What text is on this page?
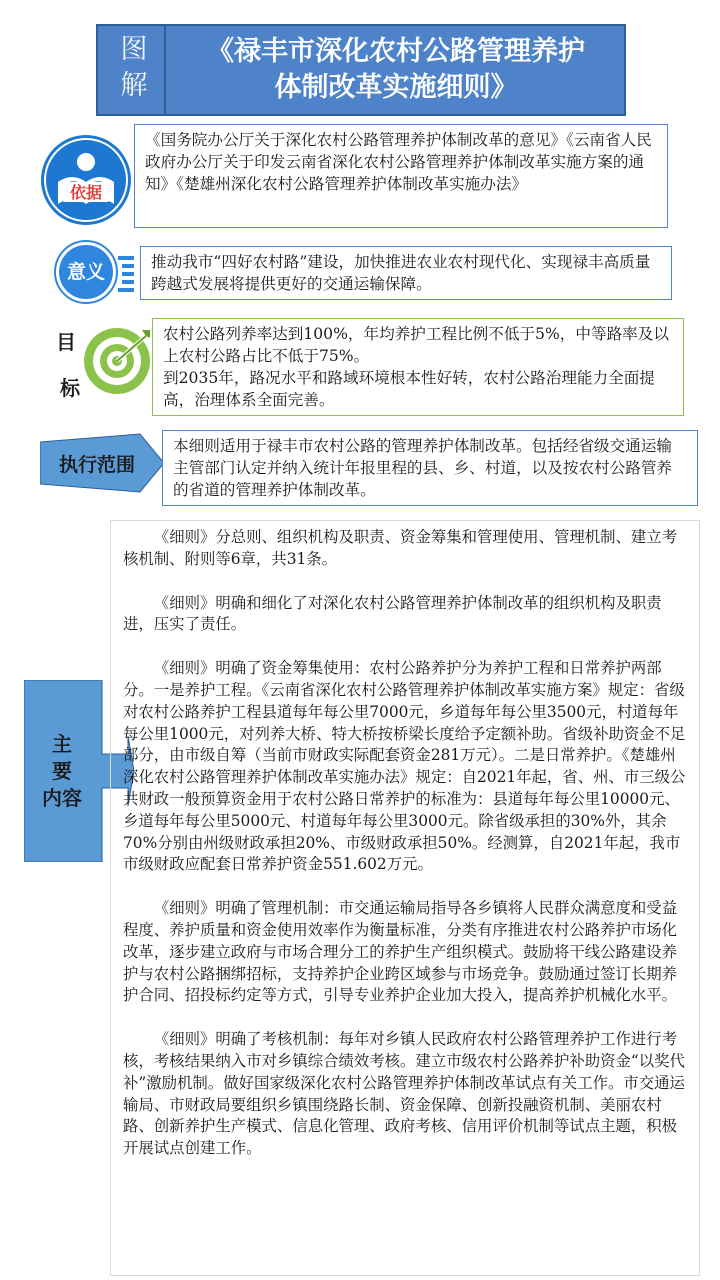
图
解
《禄丰市深化农村公路管理养护
体制改革实施细则》
依据

《国务院办公厅关于深化农村公路管理养护体制改革的意见》《云南省人民政府办公厅关于印发云南省深化农村公路管理养护体制改革实施方案的通知》《楚雄州深化农村公路管理养护体制改革实施办法》

意义	推动我市“四好农村路”建设，加快推进农业农村现代化、实现禄丰高质量跨越式发展将提供更好的交通运输保障。

目
标

农村公路列养率达到100%，年均养护工程比例不低于5%，中等路率及以上农村公路占比不低于75%。

到2035年，路况水平和路域环境根本性好转，农村公路治理能力全面提高，治理体系全面完善。

执行范围

本细则适用于禄丰市农村公路的管理养护体制改革。包括经省级交通运输主管部门认定并纳入统计年报里程的县、乡、村道，以及按农村公路管养的省道的管理养护体制改革。

主
要
内容

《细则》分总则、组织机构及职责、资金筹集和管理使用、管理机制、建立考核机制、附则等6章，共31条。

《细则》明确和细化了对深化农村公路管理养护体制改革的组织机构及职责进，压实了责任。

《细则》明确了资金筹集使用：农村公路养护分为养护工程和日常养护两部分。一是养护工程。《云南省深化农村公路管理养护体制改革实施方案》规定：省级对农村公路养护工程县道每年每公里7000元，乡道每年每公里3500元，村道每年每公里1000元，对列养大桥、特大桥按桥梁长度给予定额补助。省级补助资金不足部分，由市级自筹（当前市财政实际配套资金281万元）。二是日常养护。《楚雄州深化农村公路管理养护体制改革实施办法》规定：自2021年起，省、州、市三级公共财政一般预算资金用于农村公路日常养护的标准为：县道每年每公里10000元、乡道每年每公里5000元、村道每年每公里3000元。除省级承担的30%外，其余70%分别由州级财政承担20%、市级财政承担50%。经测算，自2021年起，我市市级财政应配套日常养护资金551.602万元。

《细则》明确了管理机制：市交通运输局指导各乡镇将人民群众满意度和受益程度、养护质量和资金使用效率作为衡量标准，分类有序推进农村公路养护市场化改革，逐步建立政府与市场合理分工的养护生产组织模式。鼓励将干线公路建设养护与农村公路捆绑招标，支持养护企业跨区域参与市场竞争。鼓励通过签订长期养护合同、招投标约定等方式，引导专业养护企业加大投入，提高养护机械化水平。

《细则》明确了考核机制：每年对乡镇人民政府农村公路管理养护工作进行考核，考核结果纳入市对乡镇综合绩效考核。建立市级农村公路养护补助资金“以奖代补”激励机制。做好国家级深化农村公路管理养护体制改革试点有关工作。市交通运输局、市财政局要组织乡镇围绕路长制、资金保障、创新投融资机制、美丽农村路、创新养护生产模式、信息化管理、政府考核、信用评价机制等试点主题，积极开展试点创建工作。
